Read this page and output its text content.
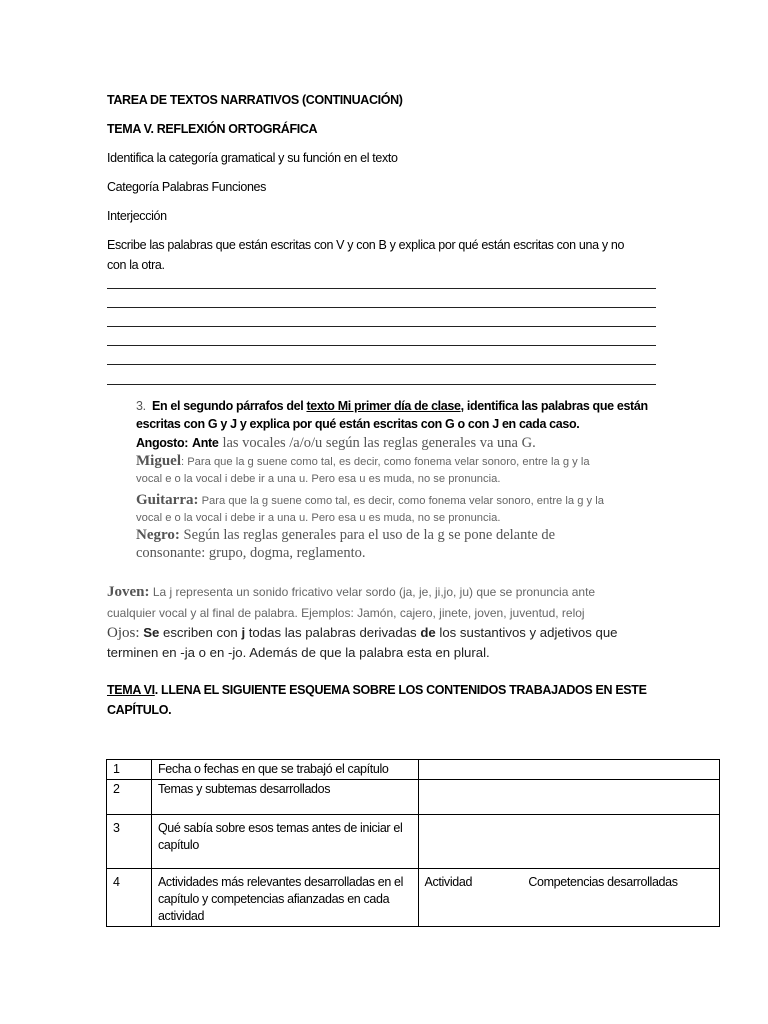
TAREA DE TEXTOS NARRATIVOS (CONTINUACIÓN)
TEMA V. REFLEXIÓN ORTOGRÁFICA
Identifica la categoría gramatical y su función en el texto
Categoría Palabras Funciones
Interjección
Escribe las palabras que están escritas con V y con B y explica por qué están escritas con una y no
con la otra.
3. En el segundo párrafos del texto Mi primer día de clase, identifica las palabras que están
escritas con G y J y explica por qué están escritas con G o con J en cada caso.
Angosto: Ante las vocales /a/o/u según las reglas generales va una G.
Miguel: Para que la g suene como tal, es decir, como fonema velar sonoro, entre la g y la
vocal e o la vocal i debe ir a una u. Pero esa u es muda, no se pronuncia.
Guitarra: Para que la g suene como tal, es decir, como fonema velar sonoro, entre la g y la
vocal e o la vocal i debe ir a una u. Pero esa u es muda, no se pronuncia.
Negro: Según las reglas generales para el uso de la g se pone delante de
consonante: grupo, dogma, reglamento.
Joven: La j representa un sonido fricativo velar sordo (ja, je, ji,jo, ju) que se pronuncia ante
cualquier vocal y al final de palabra. Ejemplos: Jamón, cajero, jinete, joven, juventud, reloj
Ojos: Se escriben con j todas las palabras derivadas de los sustantivos y adjetivos que
terminen en -ja o en -jo. Además de que la palabra esta en plural.
TEMA VI. LLENA EL SIGUIENTE ESQUEMA SOBRE LOS CONTENIDOS TRABAJADOS EN ESTE
CAPÍTULO.
1	Fecha o fechas en que se trabajó el capítulo	
2	Temas y subtemas desarrollados	
3	Qué sabía sobre esos temas antes de iniciar el capítulo	
4	Actividades más relevantes desarrolladas en el capítulo y competencias afianzadas en cada actividad	Actividad Competencias desarrolladas
